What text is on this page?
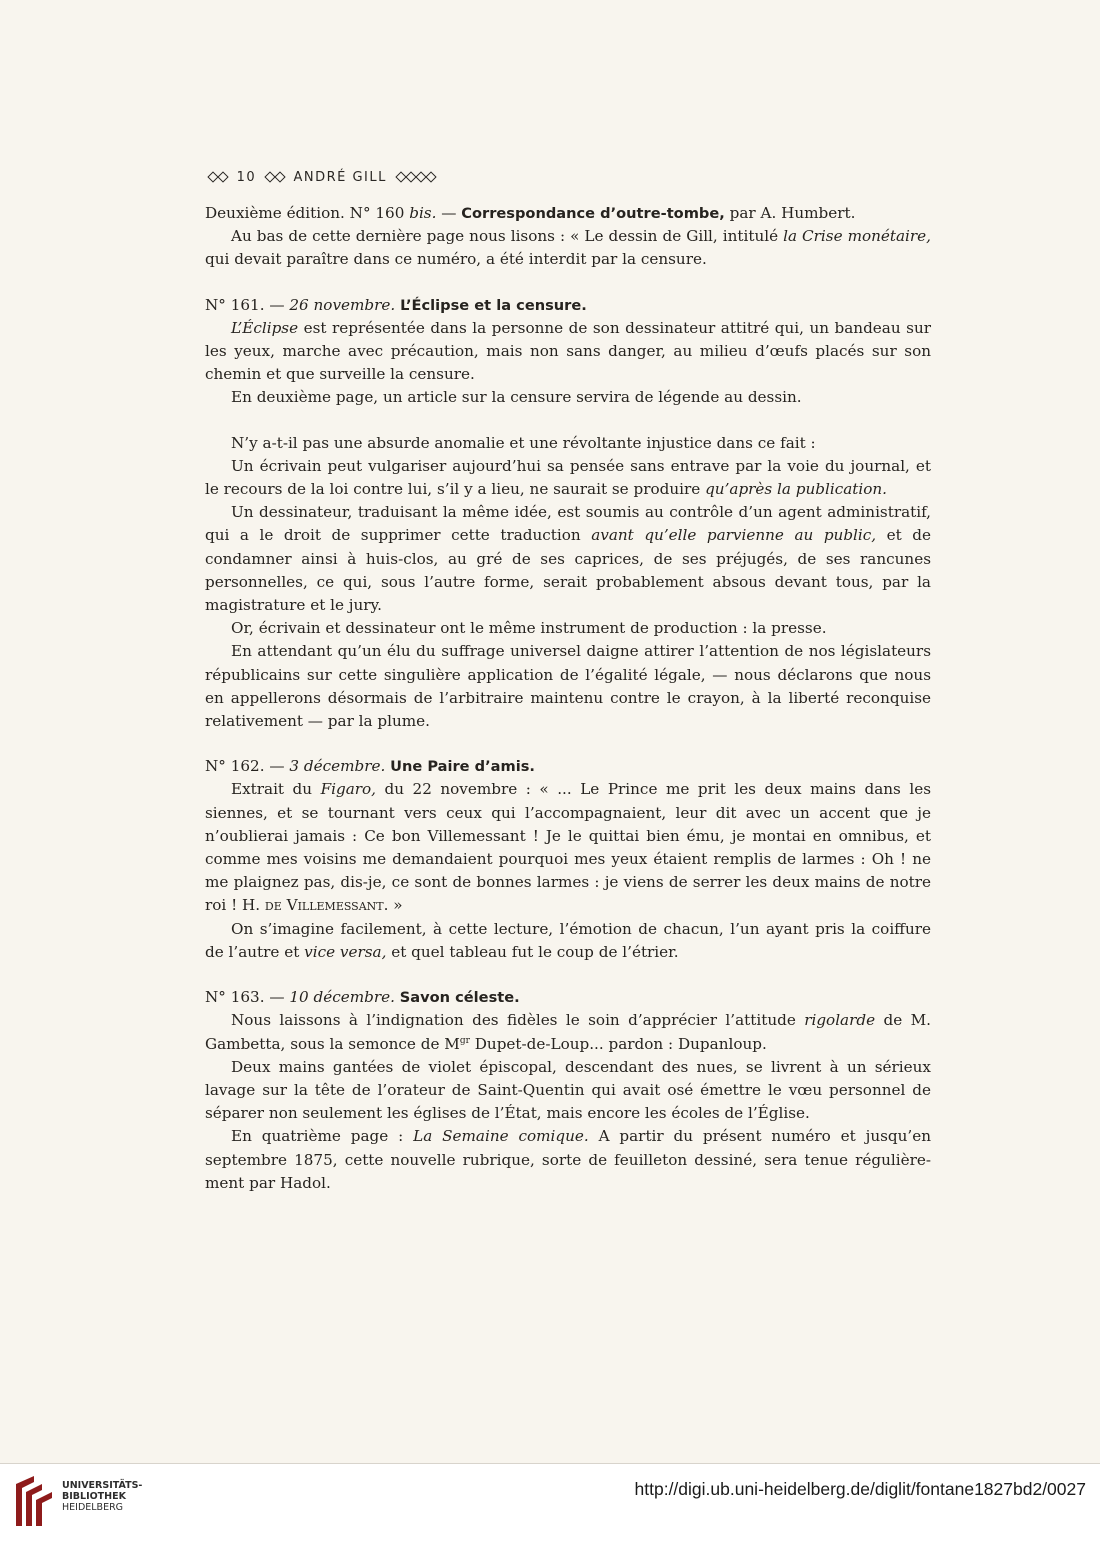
10	ANDRÉ GILL

Deuxième édition. N° 160 bis. — Correspondance d’outre-tombe, par A. Humbert.

Au bas de cette dernière page nous lisons : « Le dessin de Gill, intitulé la Crise monétaire, qui devait paraître dans ce numéro, a été interdit par la censure.

N° 161. — 26 novembre. L’Éclipse et la censure.

L’Éclipse est représentée dans la personne de son dessinateur attitré qui, un bandeau sur les yeux, marche avec précaution, mais non sans danger, au milieu d’œufs placés sur son chemin et que surveille la censure.

En deuxième page, un article sur la censure servira de légende au dessin.

N’y a-t-il pas une absurde anomalie et une révoltante injustice dans ce fait :

Un écrivain peut vulgariser aujourd’hui sa pensée sans entrave par la voie du journal, et le recours de la loi contre lui, s’il y a lieu, ne saurait se produire qu’après la publication.

Un dessinateur, traduisant la même idée, est soumis au contrôle d’un agent administratif, qui a le droit de supprimer cette traduction avant qu’elle parvienne au public, et de condamner ainsi à huis-clos, au gré de ses caprices, de ses préjugés, de ses rancunes personnelles, ce qui, sous l’autre forme, serait probablement absous devant tous, par la magistrature et le jury.

Or, écrivain et dessinateur ont le même instrument de production : la presse.

En attendant qu’un élu du suffrage universel daigne attirer l’attention de nos législateurs républicains sur cette singulière application de l’égalité légale, — nous déclarons que nous en appellerons désormais de l’arbitraire maintenu contre le crayon, à la liberté reconquise relativement — par la plume.

N° 162. — 3 décembre. Une Paire d’amis.

Extrait du Figaro, du 22 novembre : « ... Le Prince me prit les deux mains dans les siennes, et se tournant vers ceux qui l’accompagnaient, leur dit avec un accent que je n’oublierai jamais : Ce bon Villemessant ! Je le quittai bien ému, je montai en omnibus, et comme mes voisins me demandaient pourquoi mes yeux étaient remplis de larmes : Oh ! ne me plaignez pas, dis-je, ce sont de bonnes larmes : je viens de serrer les deux mains de notre roi ! H. de Villemessant. »

On s’imagine facilement, à cette lecture, l’émotion de chacun, l’un ayant pris la coiffure de l’autre et vice versa, et quel tableau fut le coup de l’étrier.

N° 163. — 10 décembre. Savon céleste.

Nous laissons à l’indignation des fidèles le soin d’apprécier l’attitude rigolarde de M. Gambetta, sous la semonce de $M^{gr}$ Dupet-de-Loup... pardon : Dupanloup.

Deux mains gantées de violet épiscopal, descendant des nues, se livrent à un sérieux lavage sur la tête de l’orateur de Saint-Quentin qui avait osé émettre le vœu personnel de séparer non seulement les églises de l’État, mais encore les écoles de l’Église.

En quatrième page : La Semaine comique. A partir du présent numéro et jusqu’en septembre 1875, cette nouvelle rubrique, sorte de feuilleton dessiné, sera tenue régulièrement par Hadol.

UNIVERSITÄTS-
BIBLIOTHEK
HEIDELBERG
http://digi.ub.uni-heidelberg.de/diglit/fontane1827bd2/0027
